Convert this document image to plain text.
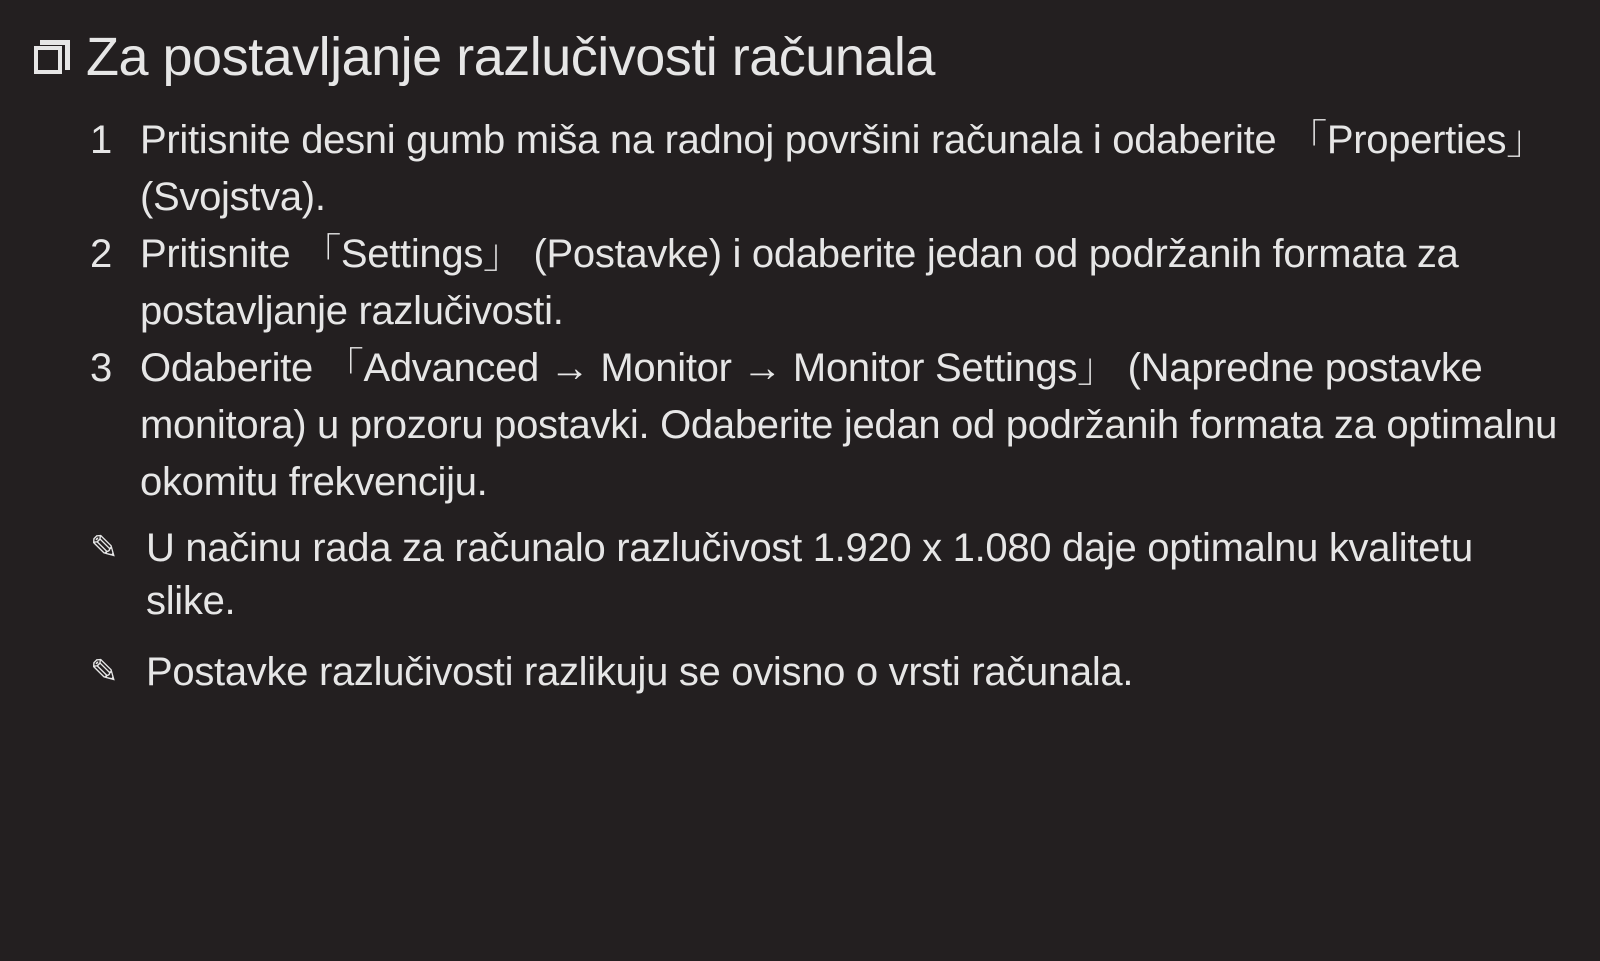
Za postavljanje razlučivosti računala
1 Pritisnite desni gumb miša na radnoj površini računala i odaberite 「Properties」 (Svojstva).
2 Pritisnite 「Settings」 (Postavke) i odaberite jedan od podržanih formata za postavljanje razlučivosti.
3 Odaberite 「Advanced → Monitor → Monitor Settings」 (Napredne postavke monitora) u prozoru postavki. Odaberite jedan od podržanih formata za optimalnu okomitu frekvenciju.
✎ U načinu rada za računalo razlučivost 1.920 x 1.080 daje optimalnu kvalitetu slike.
✎ Postavke razlučivosti razlikuju se ovisno o vrsti računala.
